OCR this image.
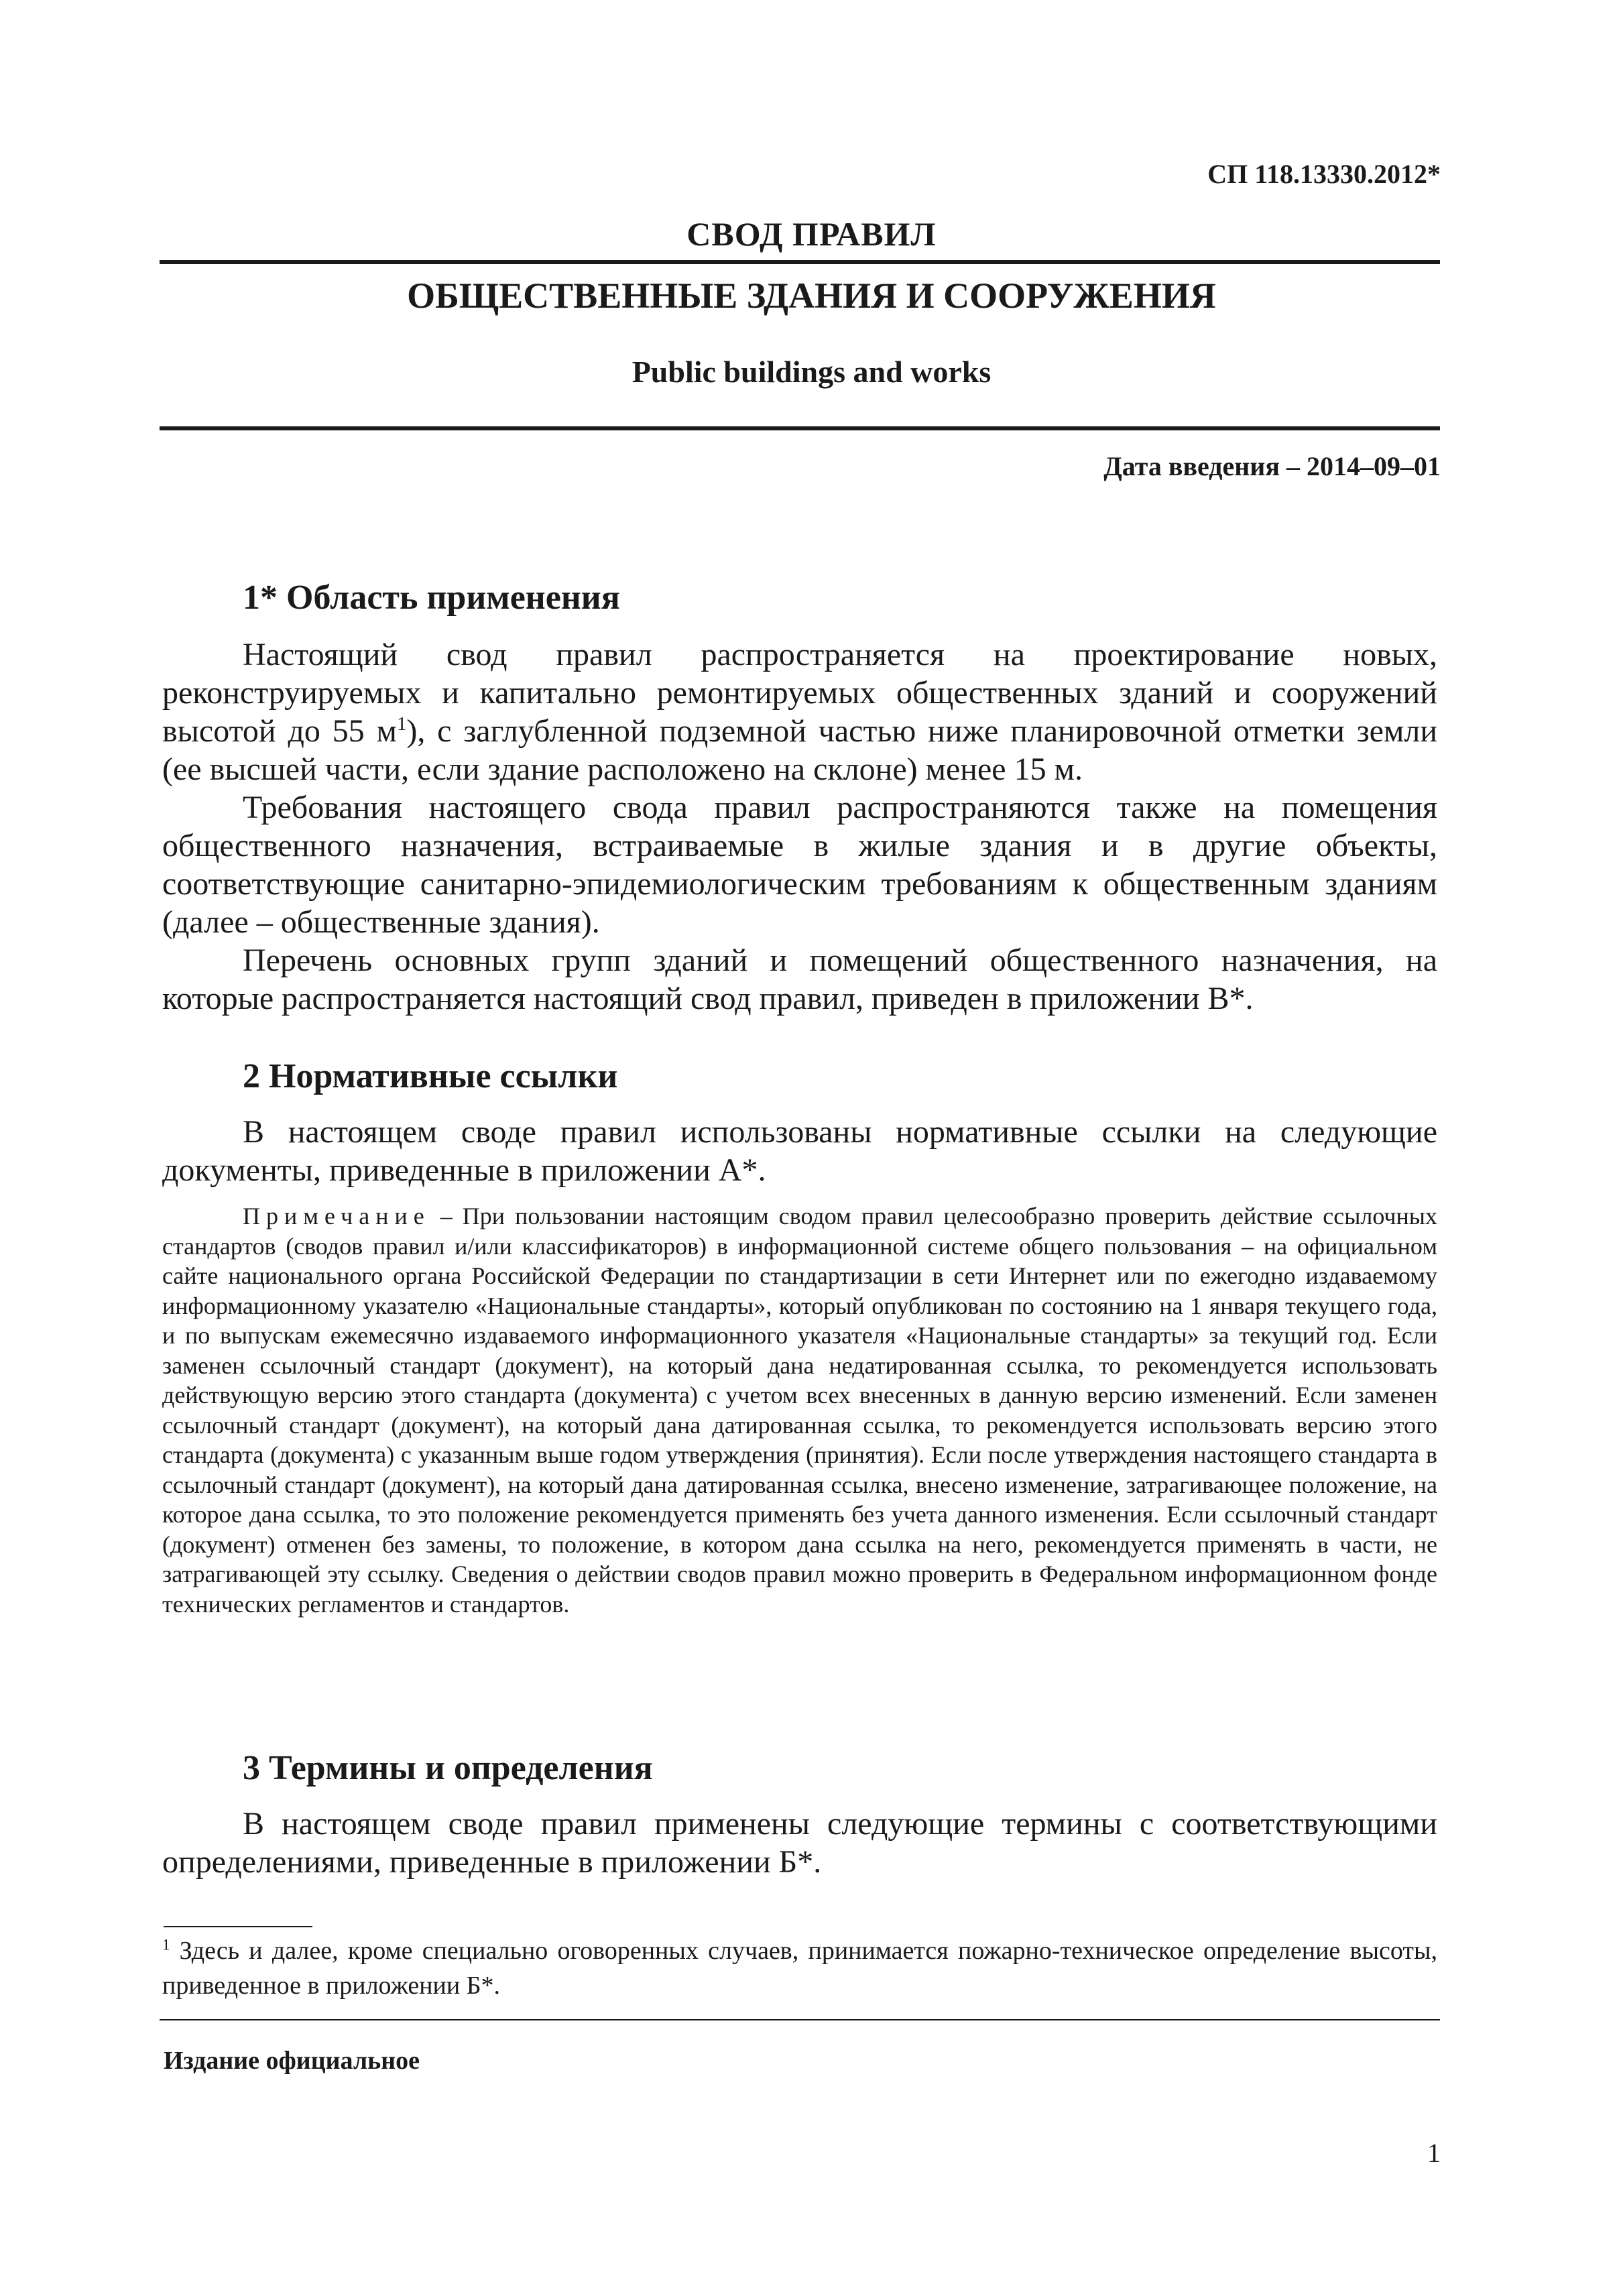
СП 118.13330.2012*
СВОД ПРАВИЛ
ОБЩЕСТВЕННЫЕ ЗДАНИЯ И СООРУЖЕНИЯ
Public buildings and works
Дата введения – 2014–09–01
1* Область применения
Настоящий свод правил распространяется на проектирование новых, реконструируемых и капитально ремонтируемых общественных зданий и сооружений высотой до 55 $м^1$), с заглубленной подземной частью ниже планировочной отметки земли (ее высшей части, если здание расположено на склоне) менее 15 м.
Требования настоящего свода правил распространяются также на помещения общественного назначения, встраиваемые в жилые здания и в другие объекты, соответствующие санитарно-эпидемиологическим требованиям к общественным зданиям (далее – общественные здания).
Перечень основных групп зданий и помещений общественного назначения, на которые распространяется настоящий свод правил, приведен в приложении В*.
2 Нормативные ссылки
В настоящем своде правил использованы нормативные ссылки на следующие документы, приведенные в приложении А*.
Примечание – При пользовании настоящим сводом правил целесообразно проверить действие ссылочных стандартов (сводов правил и/или классификаторов) в информационной системе общего пользования – на официальном сайте национального органа Российской Федерации по стандартизации в сети Интернет или по ежегодно издаваемому информационному указателю «Национальные стандарты», который опубликован по состоянию на 1 января текущего года, и по выпускам ежемесячно издаваемого информационного указателя «Национальные стандарты» за текущий год. Если заменен ссылочный стандарт (документ), на который дана недатированная ссылка, то рекомендуется использовать действующую версию этого стандарта (документа) с учетом всех внесенных в данную версию изменений. Если заменен ссылочный стандарт (документ), на который дана датированная ссылка, то рекомендуется использовать версию этого стандарта (документа) с указанным выше годом утверждения (принятия). Если после утверждения настоящего стандарта в ссылочный стандарт (документ), на который дана датированная ссылка, внесено изменение, затрагивающее положение, на которое дана ссылка, то это положение рекомендуется применять без учета данного изменения. Если ссылочный стандарт (документ) отменен без замены, то положение, в котором дана ссылка на него, рекомендуется применять в части, не затрагивающей эту ссылку. Сведения о действии сводов правил можно проверить в Федеральном информационном фонде технических регламентов и стандартов.
3 Термины и определения
В настоящем своде правил применены следующие термины с соответствующими определениями, приведенные в приложении Б*.
$^1$ Здесь и далее, кроме специально оговоренных случаев, принимается пожарно-техническое определение высоты, приведенное в приложении Б*.
Издание официальное
1
